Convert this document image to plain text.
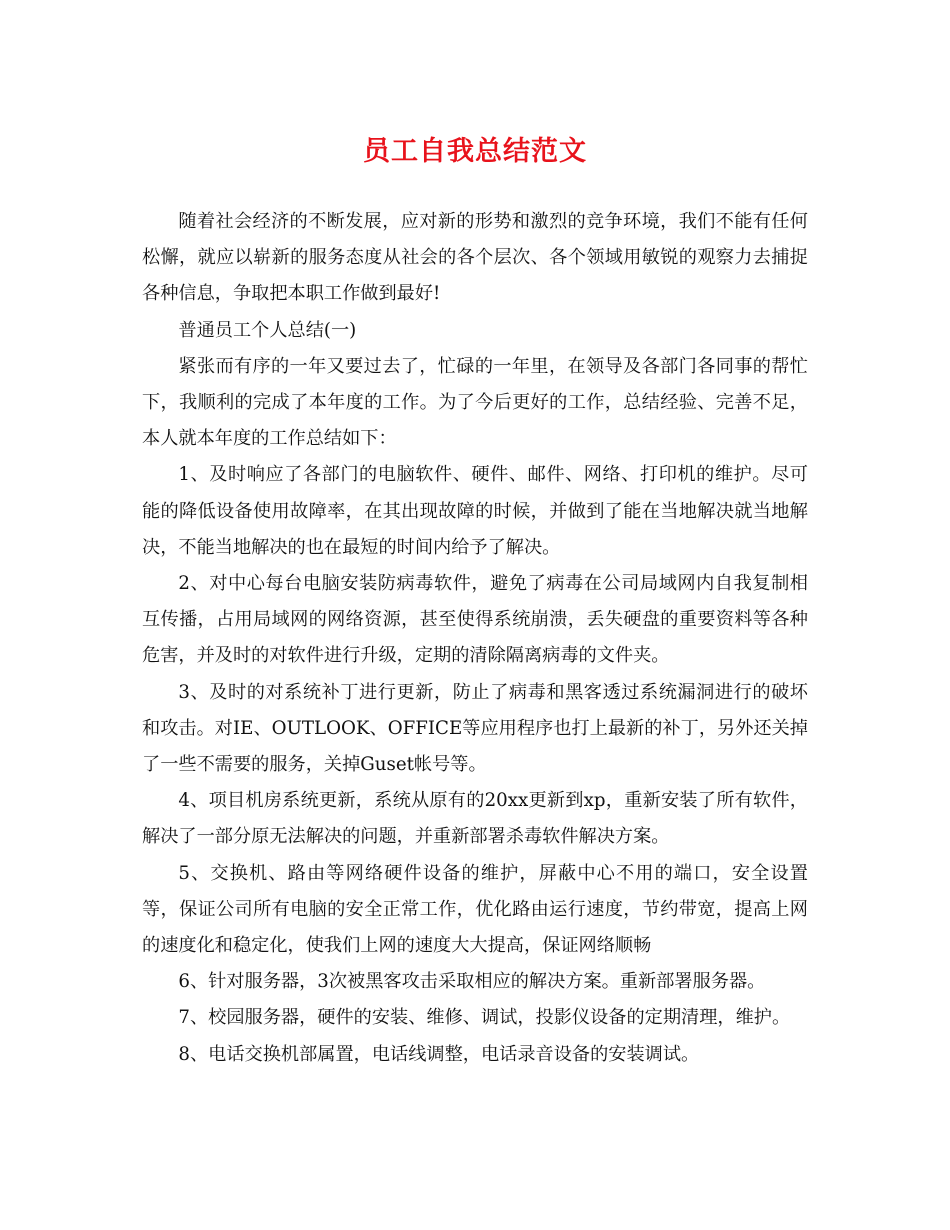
员工自我总结范文

随着社会经济的不断发展，应对新的形势和激烈的竞争环境，我们不能有任何松懈，就应以崭新的服务态度从社会的各个层次、各个领域用敏锐的观察力去捕捉各种信息，争取把本职工作做到最好!

普通员工个人总结(一)

紧张而有序的一年又要过去了，忙碌的一年里，在领导及各部门各同事的帮忙下，我顺利的完成了本年度的工作。为了今后更好的工作，总结经验、完善不足，本人就本年度的工作总结如下：

1、及时响应了各部门的电脑软件、硬件、邮件、网络、打印机的维护。尽可能的降低设备使用故障率，在其出现故障的时候，并做到了能在当地解决就当地解决，不能当地解决的也在最短的时间内给予了解决。

2、对中心每台电脑安装防病毒软件，避免了病毒在公司局域网内自我复制相互传播，占用局域网的网络资源，甚至使得系统崩溃，丢失硬盘的重要资料等各种危害，并及时的对软件进行升级，定期的清除隔离病毒的文件夹。

3、及时的对系统补丁进行更新，防止了病毒和黑客透过系统漏洞进行的破坏和攻击。对IE、OUTLOOK、OFFICE等应用程序也打上最新的补丁，另外还关掉了一些不需要的服务，关掉Guset帐号等。

4、项目机房系统更新，系统从原有的20xx更新到xp，重新安装了所有软件，解决了一部分原无法解决的问题，并重新部署杀毒软件解决方案。

5、交换机、路由等网络硬件设备的维护，屏蔽中心不用的端口，安全设置等，保证公司所有电脑的安全正常工作，优化路由运行速度，节约带宽，提高上网的速度化和稳定化，使我们上网的速度大大提高，保证网络顺畅

6、针对服务器，3次被黑客攻击采取相应的解决方案。重新部署服务器。

7、校园服务器，硬件的安装、维修、调试，投影仪设备的定期清理，维护。

8、电话交换机部属置，电话线调整，电话录音设备的安装调试。
